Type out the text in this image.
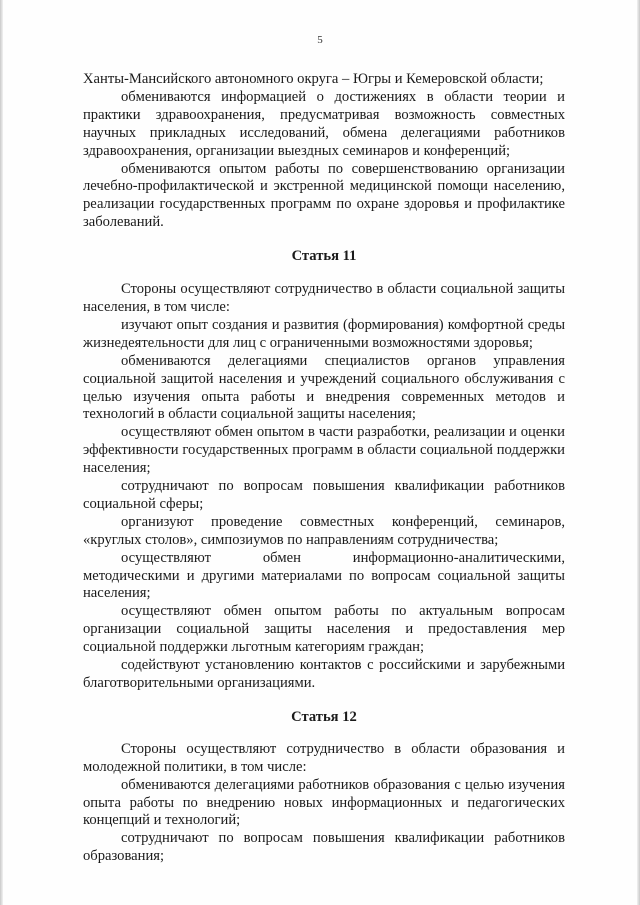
5

Ханты-Мансийского автономного округа – Югры и Кемеровской области;

обмениваются информацией о достижениях в области теории и практики здравоохранения, предусматривая возможность совместных научных прикладных исследований, обмена делегациями работников здравоохранения, организации выездных семинаров и конференций;

обмениваются опытом работы по совершенствованию организации лечебно-профилактической и экстренной медицинской помощи населению, реализации государственных программ по охране здоровья и профилактике заболеваний.

Статья 11

Стороны осуществляют сотрудничество в области социальной защиты населения, в том числе:

изучают опыт создания и развития (формирования) комфортной среды жизнедеятельности для лиц с ограниченными возможностями здоровья;

обмениваются делегациями специалистов органов управления социальной защитой населения и учреждений социального обслуживания с целью изучения опыта работы и внедрения современных методов и технологий в области социальной защиты населения;

осуществляют обмен опытом в части разработки, реализации и оценки эффективности государственных программ в области социальной поддержки населения;

сотрудничают по вопросам повышения квалификации работников социальной сферы;

организуют проведение совместных конференций, семинаров, «круглых столов», симпозиумов по направлениям сотрудничества;

осуществляют обмен информационно-аналитическими, методическими и другими материалами по вопросам социальной защиты населения;

осуществляют обмен опытом работы по актуальным вопросам организации социальной защиты населения и предоставления мер социальной поддержки льготным категориям граждан;

содействуют установлению контактов с российскими и зарубежными благотворительными организациями.

Статья 12

Стороны осуществляют сотрудничество в области образования и молодежной политики, в том числе:

обмениваются делегациями работников образования с целью изучения опыта работы по внедрению новых информационных и педагогических концепций и технологий;

сотрудничают по вопросам повышения квалификации работников образования;
